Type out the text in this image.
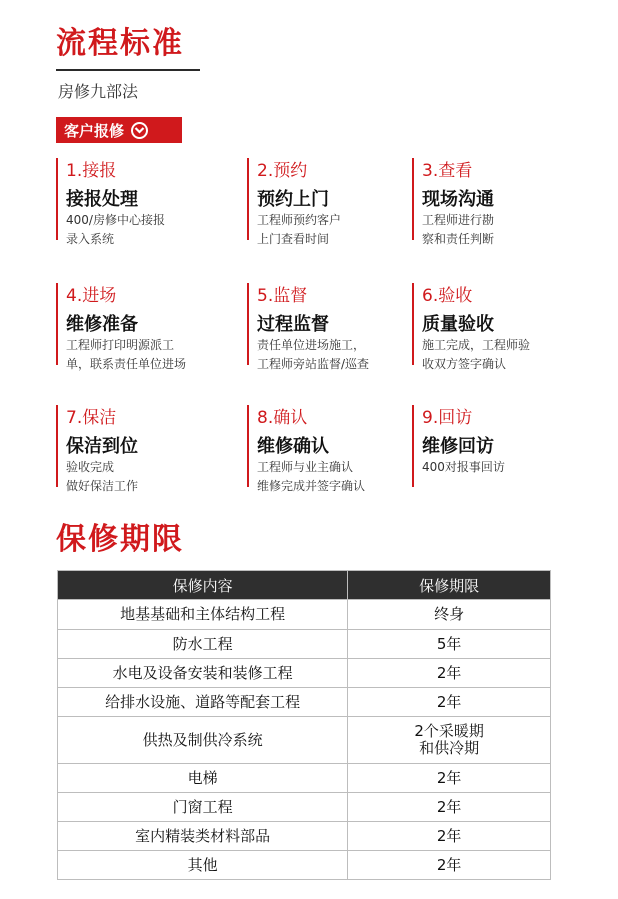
流程标准
房修九部法
客户报修
1.接报
接报处理
400/房修中心接报
录入系统
2.预约
预约上门
工程师预约客户
上门查看时间
3.查看
现场沟通
工程师进行勘
察和责任判断
4.进场
维修准备
工程师打印明源派工
单，联系责任单位进场
5.监督
过程监督
责任单位进场施工，
工程师旁站监督/巡查
6.验收
质量验收
施工完成，工程师验
收双方签字确认
7.保洁
保洁到位
验收完成
做好保洁工作
8.确认
维修确认
工程师与业主确认
维修完成并签字确认
9.回访
维修回访
400对报事回访
保修期限
保修内容	保修期限
地基基础和主体结构工程	终身
防水工程	5年
水电及设备安装和装修工程	2年
给排水设施、道路等配套工程	2年
供热及制供冷系统	2个采暖期
和供冷期
电梯	2年
门窗工程	2年
室内精装类材料部品	2年
其他	2年
